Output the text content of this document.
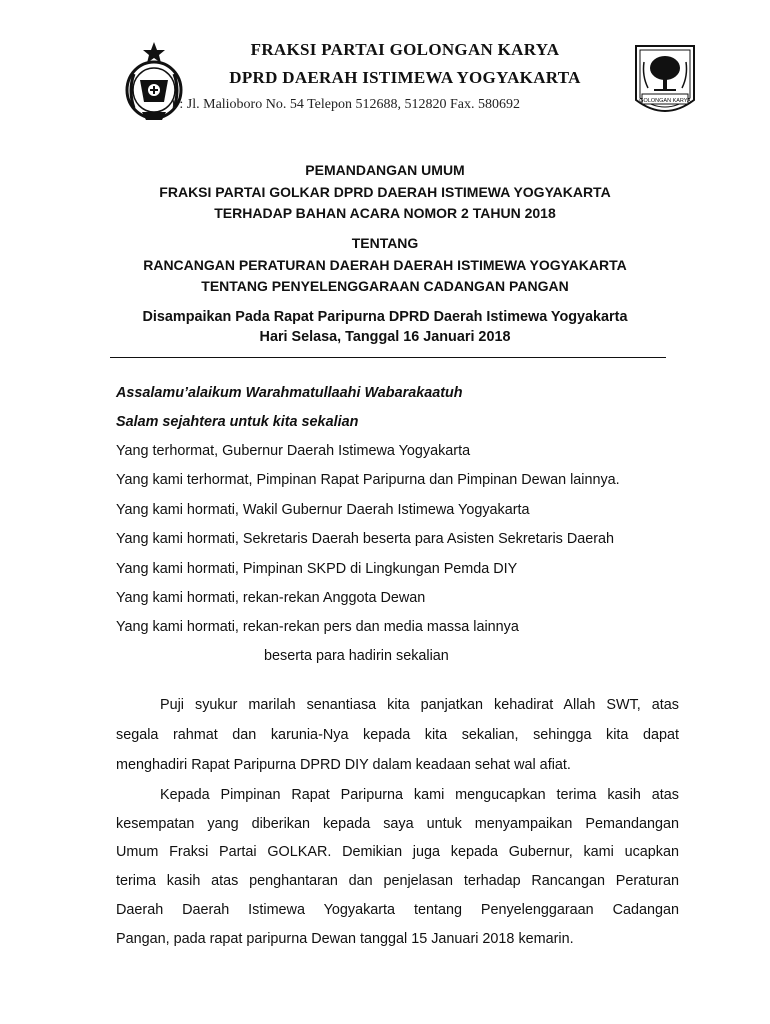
FRAKSI PARTAI GOLONGAN KARYA
DPRD DAERAH ISTIMEWA YOGYAKARTA
t : Jl. Malioboro No. 54 Telepon 512688, 512820 Fax. 580692	GOLONGAN KARYA
PEMANDANGAN UMUM
FRAKSI PARTAI GOLKAR DPRD DAERAH ISTIMEWA YOGYAKARTA
TERHADAP BAHAN ACARA NOMOR 2 TAHUN 2018
TENTANG
RANCANGAN PERATURAN DAERAH DAERAH ISTIMEWA YOGYAKARTA
TENTANG PENYELENGGARAAN CADANGAN PANGAN
Disampaikan Pada Rapat Paripurna DPRD Daerah Istimewa Yogyakarta
Hari Selasa, Tanggal 16 Januari 2018
Assalamu’alaikum Warahmatullaahi Wabarakaatuh
Salam sejahtera untuk kita sekalian
Yang terhormat, Gubernur Daerah Istimewa Yogyakarta
Yang kami terhormat, Pimpinan Rapat Paripurna dan Pimpinan Dewan lainnya.
Yang kami hormati, Wakil Gubernur Daerah Istimewa Yogyakarta
Yang kami hormati, Sekretaris Daerah beserta para Asisten Sekretaris Daerah
Yang kami hormati, Pimpinan SKPD di Lingkungan Pemda DIY
Yang kami hormati, rekan-rekan Anggota Dewan
Yang kami hormati, rekan-rekan pers dan media massa lainnya
beserta para hadirin sekalian
Puji syukur marilah senantiasa kita panjatkan kehadirat Allah SWT, atas
segala rahmat dan karunia-Nya kepada kita sekalian, sehingga kita dapat
menghadiri Rapat Paripurna DPRD DIY dalam keadaan sehat wal afiat.
Kepada Pimpinan Rapat Paripurna kami mengucapkan terima kasih atas
kesempatan yang diberikan kepada saya untuk menyampaikan Pemandangan
Umum Fraksi Partai GOLKAR. Demikian juga kepada Gubernur, kami ucapkan
terima kasih atas penghantaran dan penjelasan terhadap Rancangan Peraturan
Daerah Daerah Istimewa Yogyakarta tentang Penyelenggaraan Cadangan
Pangan, pada rapat paripurna Dewan tanggal 15 Januari 2018 kemarin.
